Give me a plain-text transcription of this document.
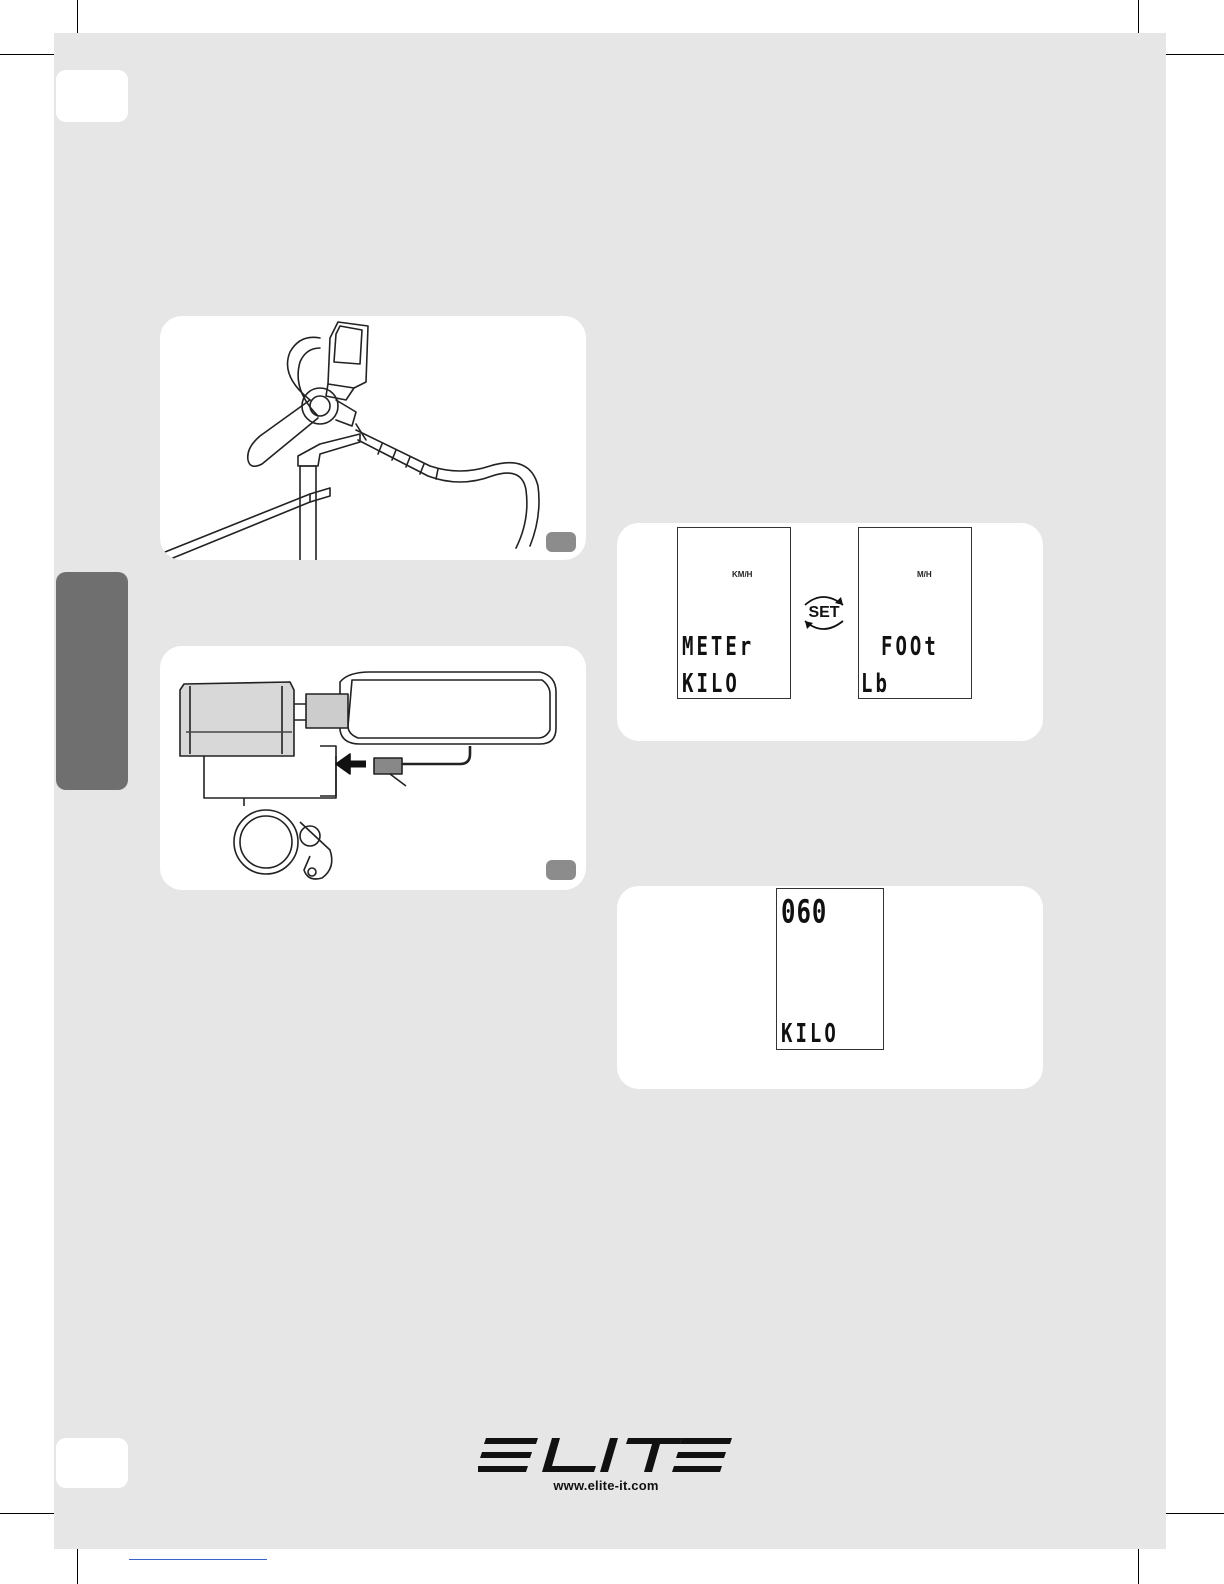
KM/H
METEr
KILO
SET
M/H
FOOt
Lb
060
KILO
www.elite-it.com
